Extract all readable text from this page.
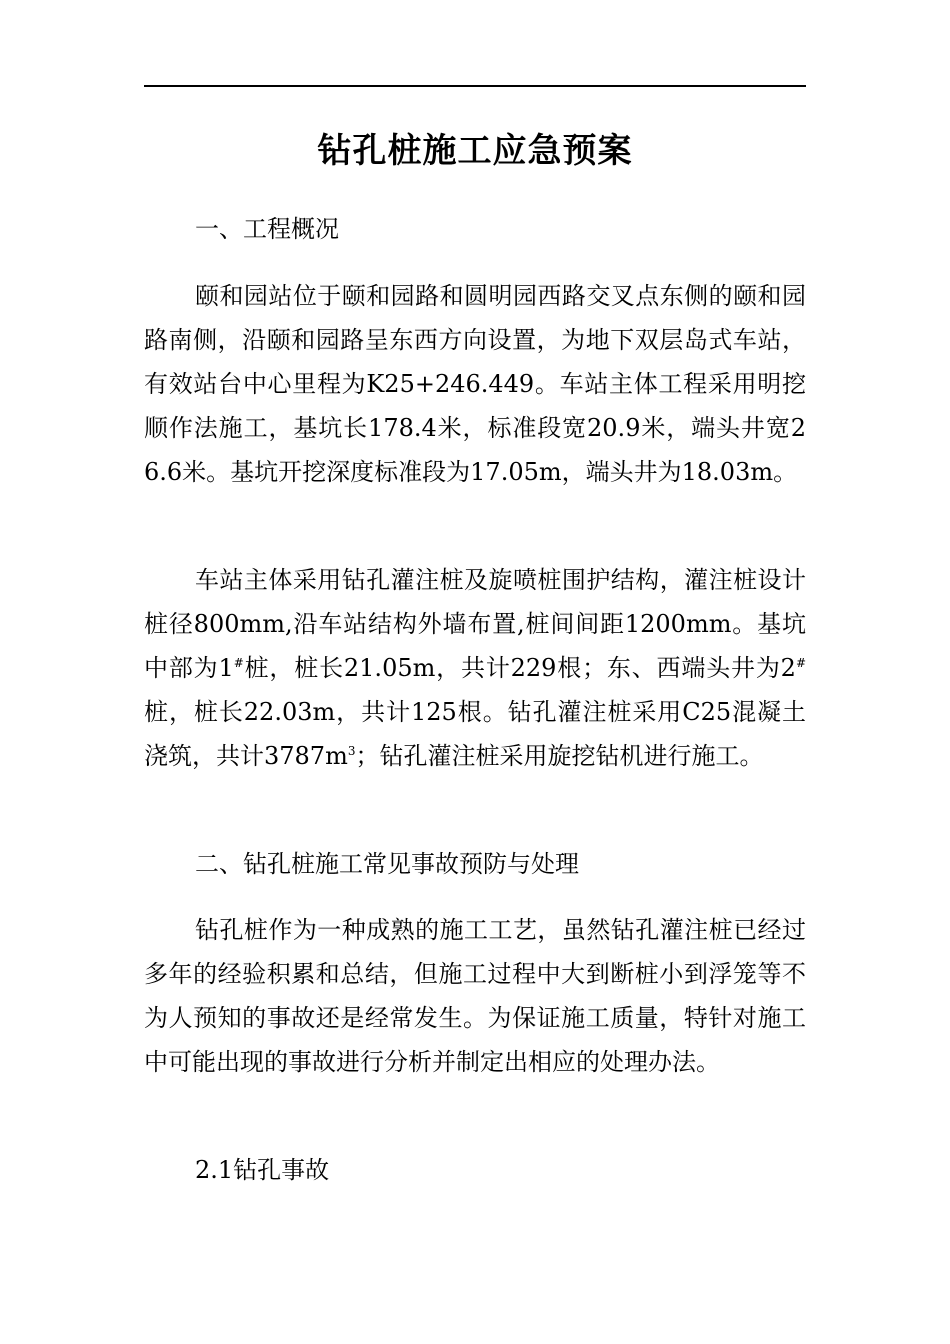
钻孔桩施工应急预案

一、工程概况

颐和园站位于颐和园路和圆明园西路交叉点东侧的颐和园路南侧，沿颐和园路呈东西方向设置，为地下双层岛式车站，有效站台中心里程为K25+246.449。车站主体工程采用明挖顺作法施工，基坑长178.4米，标准段宽20.9米，端头井宽26.6米。基坑开挖深度标准段为17.05m，端头井为18.03m。

车站主体采用钻孔灌注桩及旋喷桩围护结构，灌注桩设计桩径800mm,沿车站结构外墙布置,桩间间距1200mm。基坑中部为1#桩，桩长21.05m，共计229根；东、西端头井为2#桩，桩长22.03m，共计125根。钻孔灌注桩采用C25混凝土浇筑，共计$3787m^3$；钻孔灌注桩采用旋挖钻机进行施工。

二、钻孔桩施工常见事故预防与处理

钻孔桩作为一种成熟的施工工艺，虽然钻孔灌注桩已经过多年的经验积累和总结，但施工过程中大到断桩小到浮笼等不为人预知的事故还是经常发生。为保证施工质量，特针对施工中可能出现的事故进行分析并制定出相应的处理办法。

2.1钻孔事故
